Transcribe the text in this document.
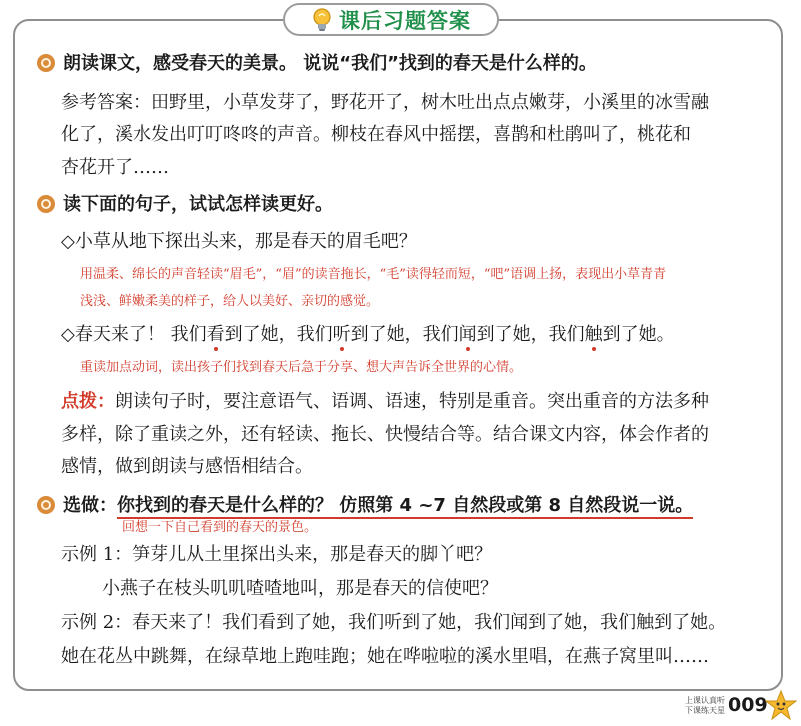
课后习题答案
朗读课文，感受春天的美景。 说说“我们”找到的春天是什么样的。
参考答案：田野里，小草发芽了，野花开了，树木吐出点点嫩芽，小溪里的冰雪融
化了，溪水发出叮叮咚咚的声音。柳枝在春风中摇摆，喜鹊和杜鹃叫了，桃花和
杏花开了……
读下面的句子，试试怎样读更好。
◇小草从地下探出头来，那是春天的眉毛吧？
用温柔、绵长的声音轻读“眉毛”，“眉”的读音拖长，“毛”读得轻而短，“吧”语调上扬，表现出小草青青
浅浅、鲜嫩柔美的样子，给人以美好、亲切的感觉。
◇春天来了！ 我们看到了她，我们听到了她，我们闻到了她，我们触到了她。
重读加点动词，读出孩子们找到春天后急于分享、想大声告诉全世界的心情。
点拨：朗读句子时，要注意语气、语调、语速，特别是重音。突出重音的方法多种
多样，除了重读之外，还有轻读、拖长、快慢结合等。结合课文内容，体会作者的
感情，做到朗读与感悟相结合。
选做：你找到的春天是什么样的？ 仿照第 4 ~7 自然段或第 8 自然段说一说。
回想一下自己看到的春天的景色。
示例 1：笋芽儿从土里探出头来，那是春天的脚丫吧？
小燕子在枝头叽叽喳喳地叫，那是春天的信使吧？
示例 2：春天来了！我们看到了她，我们听到了她，我们闻到了她，我们触到了她。
她在花丛中跳舞，在绿草地上跑哇跑；她在哗啦啦的溪水里唱，在燕子窝里叫……
上课认真听
下课练天星 009
